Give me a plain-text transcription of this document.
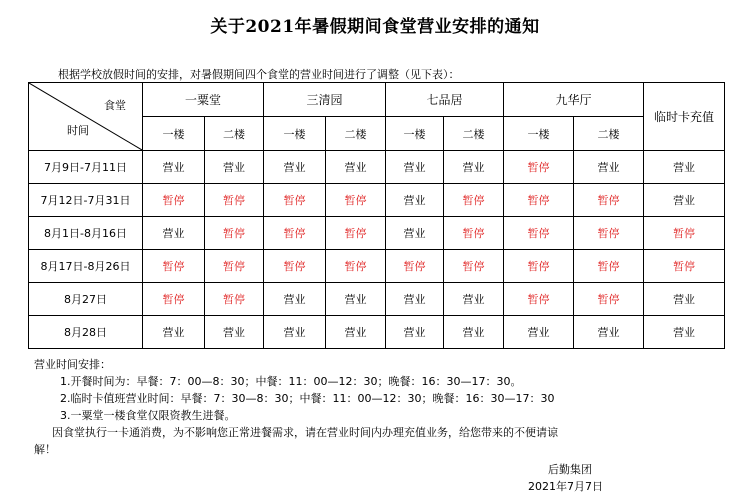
关于2021年暑假期间食堂营业安排的通知
根据学校放假时间的安排，对暑假期间四个食堂的营业时间进行了调整（见下表）：
食堂
时间	一粟堂		三清园		七品居		九华厅		临时卡充值
	一楼	二楼	一楼	二楼	一楼	二楼	一楼	二楼	
7月9日-7月11日	营业	营业	营业	营业	营业	营业	暂停	营业	营业
7月12日-7月31日	暂停	暂停	暂停	暂停	营业	暂停	暂停	暂停	营业
8月1日-8月16日	营业	暂停	暂停	暂停	营业	暂停	暂停	暂停	暂停
8月17日-8月26日	暂停	暂停	暂停	暂停	暂停	暂停	暂停	暂停	暂停
8月27日	暂停	暂停	营业	营业	营业	营业	暂停	暂停	营业
8月28日	营业	营业	营业	营业	营业	营业	营业	营业	营业
营业时间安排：
1.开餐时间为：早餐：7：00—8：30；中餐：11：00—12：30；晚餐：16：30—17：30。
2.临时卡值班营业时间：早餐：7：30—8：30；中餐：11：00—12：30；晚餐：16：30—17：30
3.一粟堂一楼食堂仅限资教生进餐。
因食堂执行一卡通消费，为不影响您正常进餐需求，请在营业时间内办理充值业务，给您带来的不便请谅
解！
后勤集团
2021年7月7日
